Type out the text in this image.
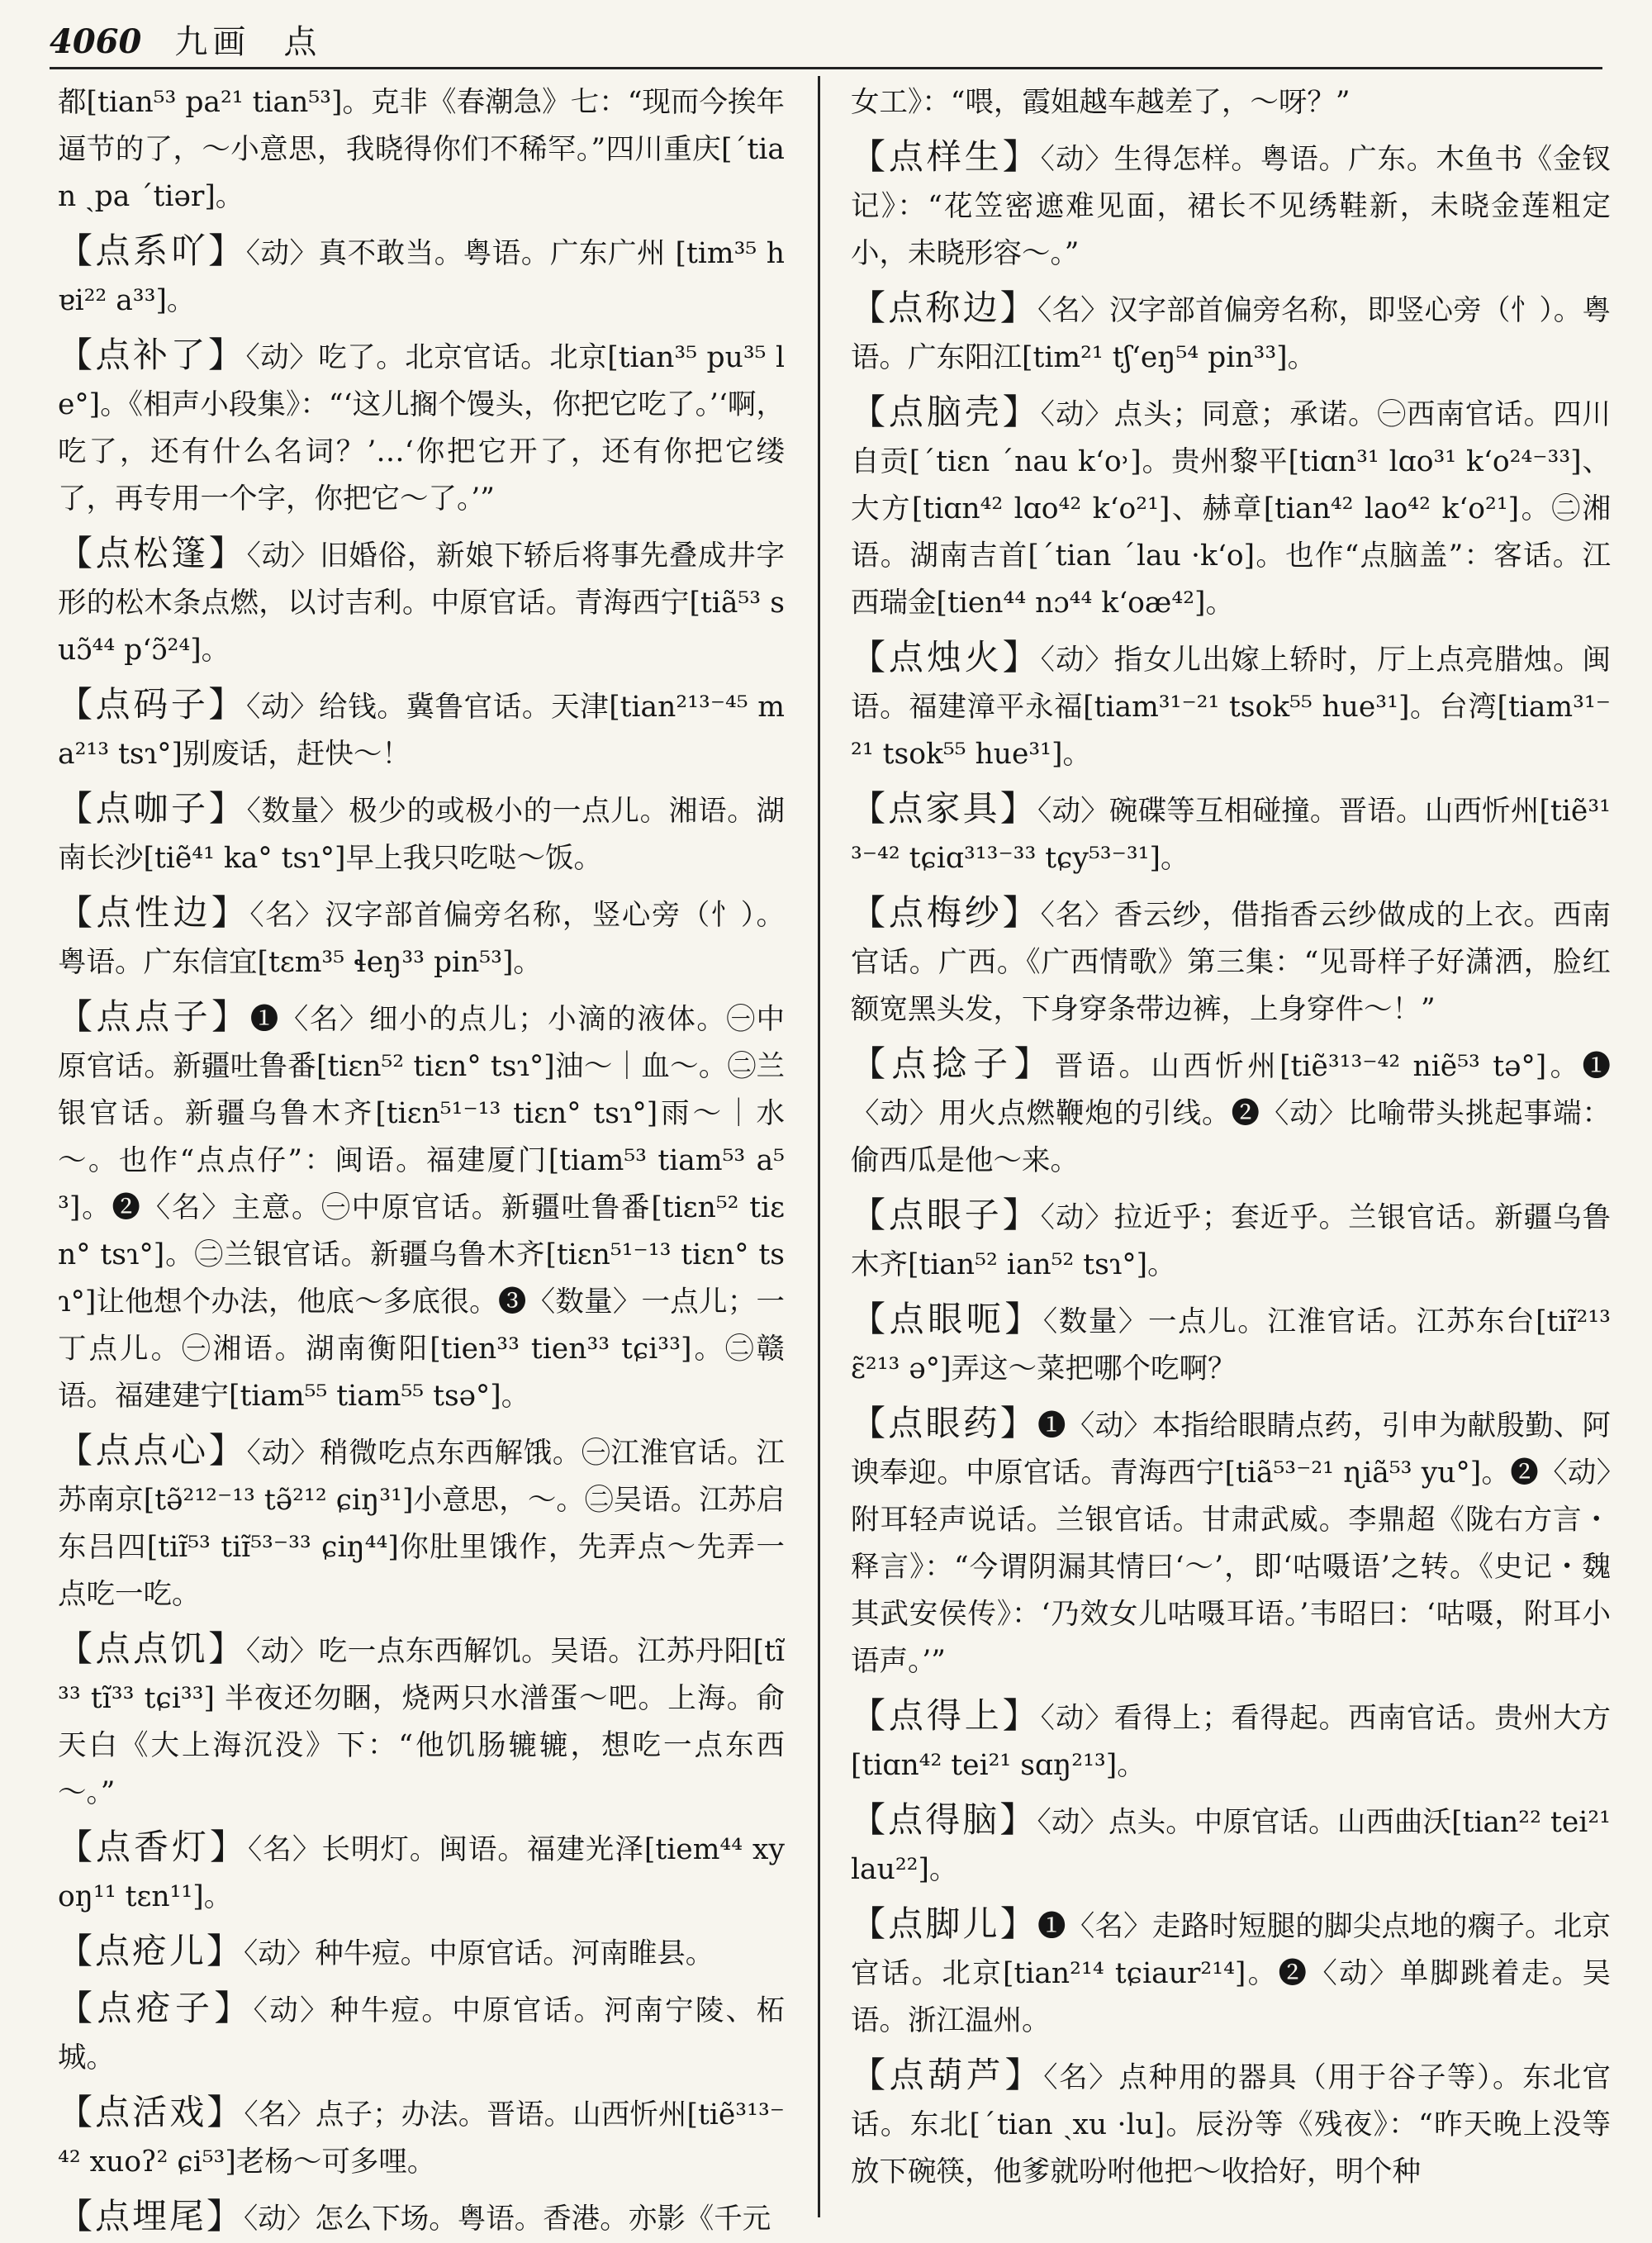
4060 九画 点

都[tian⁵³ pa²¹ tian⁵³]。克非《春潮急》七：“现而今挨年逼节的了，～小意思，我晓得你们不稀罕。”四川重庆[ˊtian ˏpa ˊtiər]。

【点系吖】〈动〉真不敢当。粤语。广东广州 [tim³⁵ hɐi²² a³³]。

【点补了】〈动〉吃了。北京官话。北京[tian³⁵ pu³⁵ le°]。《相声小段集》：“‘这儿搁个馒头，你把它吃了。’‘啊，吃了，还有什么名词？’…‘你把它开了，还有你把它缕了，再专用一个字，你把它～了。’”

【点松篷】〈动〉旧婚俗，新娘下轿后将事先叠成井字形的松木条点燃，以讨吉利。中原官话。青海西宁[tiã⁵³ suɔ̃⁴⁴ p‘ɔ̃²⁴]。

【点码子】〈动〉给钱。冀鲁官话。天津[tian²¹³⁻⁴⁵ ma²¹³ tsɿ°]别废话，赶快～！

【点咖子】〈数量〉极少的或极小的一点儿。湘语。湖南长沙[tiẽ⁴¹ ka° tsɿ°]早上我只吃哒～饭。

【点性边】〈名〉汉字部首偏旁名称，竖心旁（忄）。粤语。广东信宜[tɛm³⁵ ɬeŋ³³ pin⁵³]。

【点点子】❶〈名〉细小的点儿；小滴的液体。㊀中原官话。新疆吐鲁番[tiɛn⁵² tiɛn° tsɿ°]油～｜血～。㊁兰银官话。新疆乌鲁木齐[tiɛn⁵¹⁻¹³ tiɛn° tsɿ°]雨～｜水～。也作“点点仔”：闽语。福建厦门[tiam⁵³ tiam⁵³ a⁵³]。❷〈名〉主意。㊀中原官话。新疆吐鲁番[tiɛn⁵² tiɛn° tsɿ°]。㊁兰银官话。新疆乌鲁木齐[tiɛn⁵¹⁻¹³ tiɛn° tsɿ°]让他想个办法，他底～多底很。❸〈数量〉一点儿；一丁点儿。㊀湘语。湖南衡阳[tien³³ tien³³ tɕi³³]。㊁赣语。福建建宁[tiam⁵⁵ tiam⁵⁵ tsə°]。

【点点心】〈动〉稍微吃点东西解饿。㊀江淮官话。江苏南京[tə̃²¹²⁻¹³ tə̃²¹² ɕiŋ³¹]小意思，～。㊁吴语。江苏启东吕四[tiɪ̃⁵³ tiɪ̃⁵³⁻³³ ɕiŋ⁴⁴]你肚里饿作，先弄点～先弄一点吃一吃。

【点点饥】〈动〉吃一点东西解饥。吴语。江苏丹阳[tĩ³³ tĩ³³ tɕi³³] 半夜还勿睏，烧两只水潽蛋～吧。上海。俞天白《大上海沉没》下：“他饥肠辘辘，想吃一点东西～。”

【点香灯】〈名〉长明灯。闽语。福建光泽[tiem⁴⁴ xyoŋ¹¹ tɛn¹¹]。

【点疮儿】〈动〉种牛痘。中原官话。河南睢县。

【点疮子】〈动〉种牛痘。中原官话。河南宁陵、柘城。

【点活戏】〈名〉点子；办法。晋语。山西忻州[tiẽ³¹³⁻⁴² xuoʔ² ɕi⁵³]老杨～可多哩。

【点埋尾】〈动〉怎么下场。粤语。香港。亦影《千元

女工》：“喂，霞姐越车越差了，～呀？”

【点样生】〈动〉生得怎样。粤语。广东。木鱼书《金钗记》：“花笠密遮难见面，裙长不见绣鞋新，未晓金莲粗定小，未晓形容～。”

【点称边】〈名〉汉字部首偏旁名称，即竖心旁（忄）。粤语。广东阳江[tim²¹ tʃ‘eŋ⁵⁴ pin³³]。

【点脑壳】〈动〉点头；同意；承诺。㊀西南官话。四川自贡[ˊtiɛn ˊnau k‘o˒]。贵州黎平[tiɑn³¹ lɑo³¹ k‘o²⁴⁻³³]、大方[tiɑn⁴² lɑo⁴² k‘o²¹]、赫章[tian⁴² lao⁴² k‘o²¹]。㊁湘语。湖南吉首[ˊtian ˊlau ·k‘o]。也作“点脑盖”：客话。江西瑞金[tien⁴⁴ nɔ⁴⁴ k‘oæ⁴²]。

【点烛火】〈动〉指女儿出嫁上轿时，厅上点亮腊烛。闽语。福建漳平永福[tiam³¹⁻²¹ tsok⁵⁵ hue³¹]。台湾[tiam³¹⁻²¹ tsok⁵⁵ hue³¹]。

【点家具】〈动〉碗碟等互相碰撞。晋语。山西忻州[tiẽ³¹³⁻⁴² tɕiɑ³¹³⁻³³ tɕy⁵³⁻³¹]。

【点梅纱】〈名〉香云纱，借指香云纱做成的上衣。西南官话。广西。《广西情歌》第三集：“见哥样子好潇洒，脸红额宽黑头发，下身穿条带边裤，上身穿件～！”

【点捻子】晋语。山西忻州[tiẽ³¹³⁻⁴² niẽ⁵³ tə°]。❶〈动〉用火点燃鞭炮的引线。❷〈动〉比喻带头挑起事端：偷西瓜是他～来。

【点眼子】〈动〉拉近乎；套近乎。兰银官话。新疆乌鲁木齐[tian⁵² ian⁵² tsɿ°]。

【点眼呃】〈数量〉一点儿。江淮官话。江苏东台[tiɪ̃²¹³ ɛ̃²¹³ ə°]弄这～菜把哪个吃啊？

【点眼药】❶〈动〉本指给眼睛点药，引申为献殷勤、阿谀奉迎。中原官话。青海西宁[tiã⁵³⁻²¹ ɳiã⁵³ yu°]。❷〈动〉附耳轻声说话。兰银官话。甘肃武威。李鼎超《陇右方言・释言》：“今谓阴漏其情曰‘～’，即‘咕嗫语’之转。《史记・魏其武安侯传》：‘乃效女儿咕嗫耳语。’韦昭曰：‘咕嗫，附耳小语声。’”

【点得上】〈动〉看得上；看得起。西南官话。贵州大方[tiɑn⁴² tei²¹ sɑŋ²¹³]。

【点得脑】〈动〉点头。中原官话。山西曲沃[tian²² tei²¹ lau²²]。

【点脚儿】❶〈名〉走路时短腿的脚尖点地的瘸子。北京官话。北京[tian²¹⁴ tɕiaur²¹⁴]。❷〈动〉单脚跳着走。吴语。浙江温州。

【点葫芦】〈名〉点种用的器具（用于谷子等）。东北官话。东北[ˊtian ˏxu ·lu]。辰汾等《残夜》：“昨天晚上没等放下碗筷，他爹就吩咐他把～收拾好，明个种
